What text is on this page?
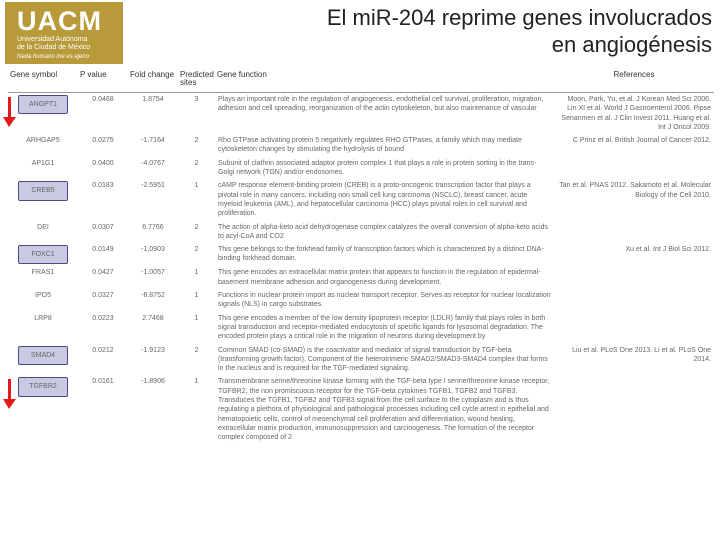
UACM
Universidad Autónoma
de la Ciudad de México
Nada humano me es ajeno
El miR-204 reprime genes involucrados
en angiogénesis
Gene symbol	P value	Fold change	Predicted sites	Gene function	References
ANGPT1	0.0468	1.8754	3	Plays an important role in the regulation of angiogenesis, endothelial cell survival, proliferation, migration, adhesion and cell spreading, reorganization of the actin cytoskeleton, but also maintenance of vascular	Moon, Park, Yu, et al. J Korean Med Sci 2006. Lin XI et al. World J Gastroenterol 2006. Pipse Senanmen et al. J Clin Invest 2011. Huang et al. Int J Oncol 2009.
ARHGAP5	0.0275	-1.7164	2	Rho GTPase activating protein 5 negatively regulates RHO GTPases, a family which may mediate cytoskeleton changes by stimulating the hydrolysis of bound	C Prinz et al. British Journal of Cancer 2012.
AP1G1	0.0400	-4.0767	2	Subunit of clathrin associated adaptor protein complex 1 that plays a role in protein sorting in the trans-Golgi network (TGN) and/or endosomes.	
CREB5	0.0183	-2.5951	1	cAMP response element-binding protein (CREB) is a proto-oncogenic transcription factor that plays a pivotal role in many cancers, including non small cell lung carcinoma (NSCLC), breast cancer, acute myeloid leukemia (AML), and hepatocellular carcinoma (HCC) plays pivotal roles in cell survival and proliferation.	Tan et al. PNAS 2012. Sakamoto et al. Molecular Biology of the Cell 2010.
DEI	0.0307	6.7766	2	The action of alpha-keto acid dehydrogenase complex catalyzes the overall conversion of alpha-keto acids to acyl-CoA and CO2	
FOXC1	0.0149	-1.0903	2	This gene belongs to the forkhead family of transcription factors which is characterized by a distinct DNA-binding forkhead domain.	Xu et al. Int J Biol Sci 2012.
FRAS1	0.0427	-1.0057	1	This gene encodes an extracellular matrix protein that appears to function in the regulation of epidermal-basement membrane adhesion and organogenesis during development.	
IPO5	0.0327	-6.8752	1	Functions in nuclear protein import as nuclear transport receptor. Serves as receptor for nuclear localization signals (NLS) in cargo substrates.	
LRP8	0.0223	2.7468	1	This gene encodes a member of the low density lipoprotein receptor (LDLR) family that plays roles in both signal transduction and receptor-mediated endocytosis of specific ligands for lysosomal degradation. The encoded protein plays a critical role in the migration of neurons during development by	
SMAD4	0.0212	-1.9123	2	Common SMAD (co-SMAD) is the coactivator and mediator of signal transduction by TGF-beta (transforming growth factor). Component of the heterotrimeric SMAD2/SMAD3-SMAD4 complex that forms in the nucleus and is required for the TGF-mediated signaling.	Liu et al. PLoS One 2013. Li et al. PLoS One 2014.
TGFBR2	0.0161	-1.8906	1	Transmembrane serine/threonine kinase forming with the TGF-beta type I serine/threonine kinase receptor, TGFBR2, the non promiscuous receptor for the TGF-beta cytokines TGFB1, TGFB2 and TGFB3. Transduces the TGFB1, TGFB2 and TGFB3 signal from the cell surface to the cytoplasm and is thus regulating a plethora of physiological and pathological processes including cell cycle arrest in epithelial and hematopoietic cells, control of mesenchymal cell proliferation and differentiation, wound healing, extracellular matrix production, immunosuppression and carcinogenesis. The formation of the receptor complex composed of 2	
